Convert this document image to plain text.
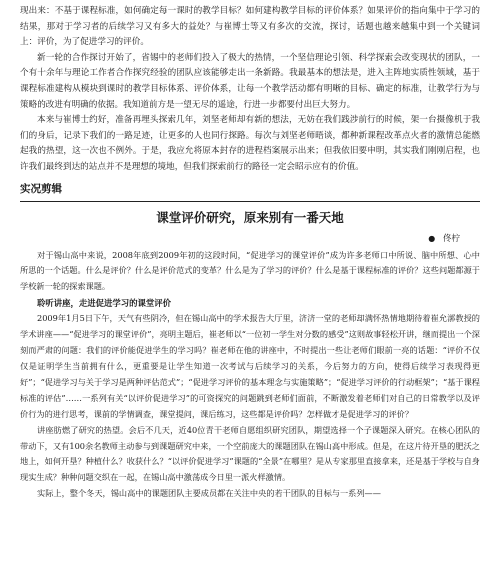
现出来：不基于课程标准，如何确定每一课时的教学目标？如何建构教学目标的评价体系？如果评价的指向集中于学习的结果，那对于学习者的后续学习又有多大的益处？与崔博士等又有多次的交流，探讨，话题也越来越集中到一个关键词上：评价，为了促进学习的评价。

新一轮的合作探讨开始了，省锡中的老师们投入了极大的热情，一个坚信理论引领、科学探索会改变现状的团队，一个有十余年与理论工作者合作探究经验的团队应该能够走出一条新路。我最基本的想法是，进入主阵地实质性领域，基于课程标准建构从模块到课时的教学目标体系、评价体系，让每一个教学活动都有明晰的目标、确定的标准，让教学行为与策略的改进有明确的依据。我知道前方是一望无尽的遥途，行进一步都要付出巨大努力。

本来与崔博士约好，准备再埋头探索几年，刘坚老师却有新的想法，无妨在我们践涉前行的时候，架一台摄像机于我们的身后，记录下我们的一路足迹，让更多的人也同行探路。每次与刘坚老师晤谈，都种新课程改革点火者的激情总能燃起我的热望，这一次也不例外。于是，我应允将原本封存的进程档案展示出来；但我依旧要申明，其实我们刚刚启程，也许我们最终到达的站点并不是理想的境地，但我们探索前行的路径一定会昭示应有的价值。

实况剪辑
课堂评价研究，原来别有一番天地
● 佟柠

对于锡山高中来说，2008年底到2009年初的这段时间，“促进学习的课堂评价”成为许多老师口中所说、脑中所想、心中所思的一个话题。什么是评价？什么是评价范式的变革？什么是为了学习的评价？什么是基于课程标准的评价？这些问题都源于学校新一轮的探索课题。

聆听讲座，走进促进学习的课堂评价

2009年1月5日下午，天气有些阴冷，但在锡山高中的学术报告大厅里，济济一堂的老师却满怀热情地期待着崔允漷教授的学术讲座——“促进学习的课堂评价”，亮明主题后，崔老师以“一位初一学生对分数的感受”这则故事轻松开讲，继而提出一个深刻而严肃的问题：我们的评价能促进学生的学习吗？崔老师在他的讲座中，不时提出一些让老师们眼前一亮的话题：“评价不仅仅是证明学生当前拥有什么，更重要是让学生知道一次考试与后续学习的关系，今后努力的方向，使得后续学习表现得更好”；“促进学习与关于学习是两种评估范式”；“促进学习评价的基本理念与实施策略”；“促进学习评价的行动框架”；“基于课程标准的评估”……一系列有关“以评价促进学习”的可资探究的问题跳到老师们面前，不断激发着老师们对自己的日常教学以及评价行为的进行思考，课前的学情调查，课堂提问，课后练习，这些都是评价吗？怎样做才是促进学习的评价？

讲座肪燃了研究的热望。会后不几天，近40位青干老师自愿组织研究团队，期望选择一个子课题深入研究。在核心团队的带动下，又有100余名教师主动参与到课题研究中来，一个空前庞大的课题团队在锡山高中形成。但是，在这片待开垦的肥沃之地上，如何开垦？种植什么？收获什么？“以评价促进学习”课题的“全景”在哪里？是从专家那里直接拿来，还是基于学校与自身现实生成？种种问题交织在一起，在锡山高中激荡成今日里一派火样激情。

实际上，整个冬天，锡山高中的课题团队主要成员都在关注中央的若干团队的目标与一系列——
